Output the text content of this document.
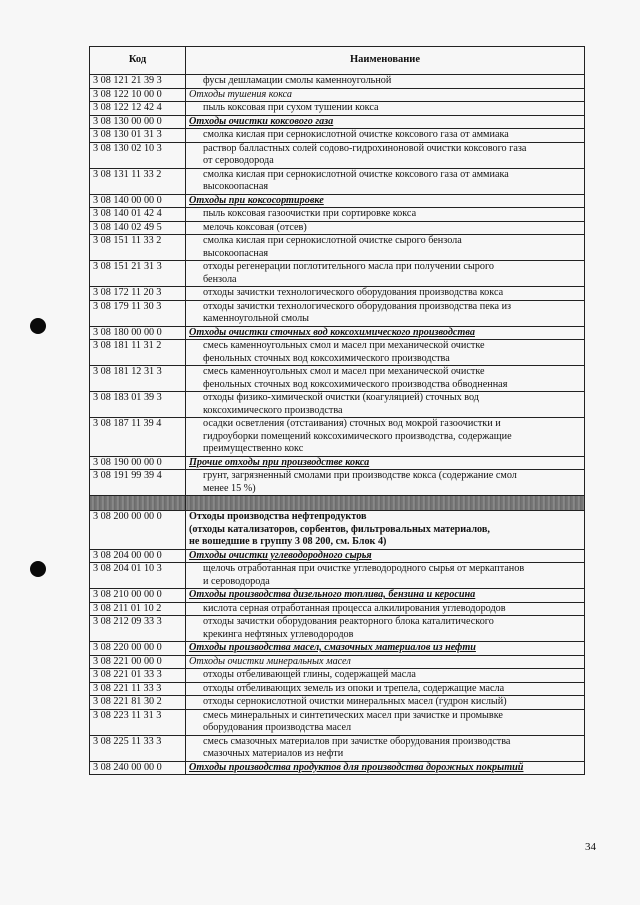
Код	Наименование
3 08 121 21 39 3	фусы дешламации смолы каменноугольной

3 08 122 10 00 0	Отходы тушения кокса

3 08 122 12 42 4	пыль коксовая при сухом тушении кокса

3 08 130 00 00 0	Отходы очистки коксового газа

3 08 130 01 31 3	смолка кислая при сернокислотной очистке коксового газа от аммиака

3 08 130 02 10 3	раствор балластных солей содово-гидрохиноновой очистки коксового газа
от сероводорода

3 08 131 11 33 2	смолка кислая при сернокислотной очистке коксового газа от аммиака
высокоопасная

3 08 140 00 00 0	Отходы при коксосортировке

3 08 140 01 42 4	пыль коксовая газоочистки при сортировке кокса

3 08 140 02 49 5	мелочь коксовая (отсев)

3 08 151 11 33 2	смолка кислая при сернокислотной очистке сырого бензола
высокоопасная

3 08 151 21 31 3	отходы регенерации поглотительного масла при получении сырого
бензола

3 08 172 11 20 3	отходы зачистки технологического оборудования производства кокса

3 08 179 11 30 3	отходы зачистки технологического оборудования производства пека из
каменноугольной смолы

3 08 180 00 00 0	Отходы очистки сточных вод коксохимического производства

3 08 181 11 31 2	смесь каменноугольных смол и масел при механической очистке
фенольных сточных вод коксохимического производства

3 08 181 12 31 3	смесь каменноугольных смол и масел при механической очистке
фенольных сточных вод коксохимического производства обводненная

3 08 183 01 39 3	отходы физико-химической очистки (коагуляцией) сточных вод
коксохимического производства

3 08 187 11 39 4	осадки осветления (отстаивания) сточных вод мокрой газоочистки и
гидроуборки помещений коксохимического производства, содержащие
преимущественно кокс

3 08 190 00 00 0	Прочие отходы при производстве кокса

3 08 191 99 39 4	грунт, загрязненный смолами при производстве кокса (содержание смол
менее 15 %)

3 08 200 00 00 0	Отходы производства нефтепродуктов
(отходы катализаторов, сорбентов, фильтровальных материалов,
не вошедшие в группу 3 08 200, см. Блок 4)

3 08 204 00 00 0	Отходы очистки углеводородного сырья

3 08 204 01 10 3	щелочь отработанная при очистке углеводородного сырья от меркаптанов
и сероводорода

3 08 210 00 00 0	Отходы производства дизельного топлива, бензина и керосина

3 08 211 01 10 2	кислота серная отработанная процесса алкилирования углеводородов

3 08 212 09 33 3	отходы зачистки оборудования реакторного блока каталитического
крекинга нефтяных углеводородов

3 08 220 00 00 0	Отходы производства масел, смазочных материалов из нефти

3 08 221 00 00 0	Отходы очистки минеральных масел

3 08 221 01 33 3	отходы отбеливающей глины, содержащей масла

3 08 221 11 33 3	отходы отбеливающих земель из опоки и трепела, содержащие масла

3 08 221 81 30 2	отходы сернокислотной очистки минеральных масел (гудрон кислый)

3 08 223 11 31 3	смесь минеральных и синтетических масел при зачистке и промывке
оборудования производства масел

3 08 225 11 33 3	смесь смазочных материалов при зачистке оборудования производства
смазочных материалов из нефти

3 08 240 00 00 0	Отходы производства продуктов для производства дорожных покрытий
34
